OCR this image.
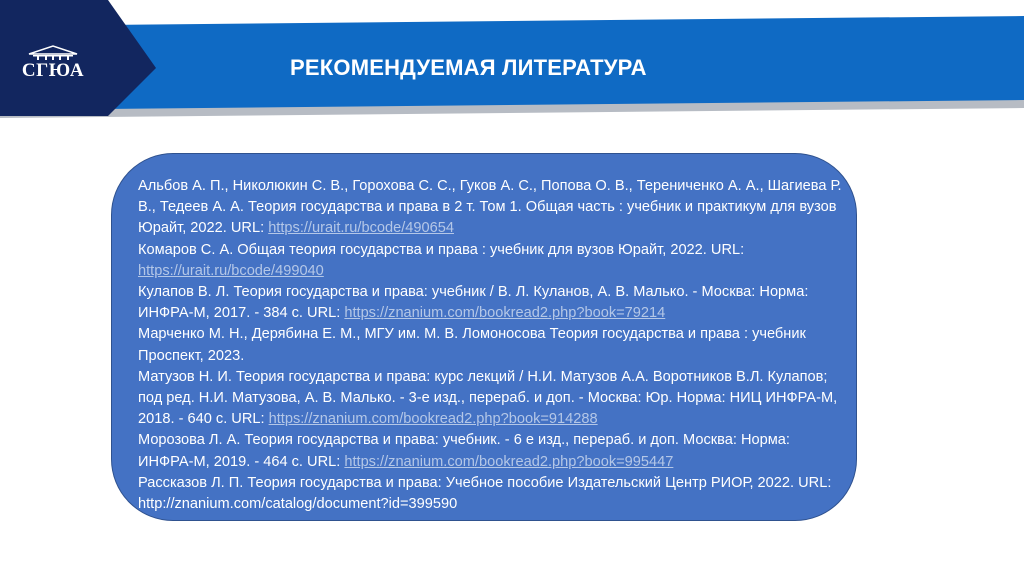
СГЮА	РЕКОМЕНДУЕМАЯ ЛИТЕРАТУРА
Альбов А. П., Николюкин С. В., Горохова С. С., Гуков А. С., Попова О. В., Терениченко А. А., Шагиева Р. В., Тедеев А. А. Теория государства и права в 2 т. Том 1. Общая часть : учебник и практикум для вузов Юрайт, 2022. URL: https://urait.ru/bcode/490654
Комаров С. А. Общая теория государства и права : учебник для вузов Юрайт, 2022. URL: https://urait.ru/bcode/499040
Кулапов В. Л. Теория государства и права: учебник / В. Л. Куланов, А. В. Малько. - Москва: Норма: ИНФРА-М, 2017. - 384 с. URL: https://znanium.com/bookread2.php?book=79214
Марченко М. Н., Дерябина Е. М., МГУ им. М. В. Ломоносова Теория государства и права : учебник Проспект, 2023.
Матузов Н. И. Теория государства и права: курс лекций / Н.И. Матузов А.А. Воротников В.Л. Кулапов; под ред. Н.И. Матузова, А. В. Малько. - 3-е изд., перераб. и доп. - Москва: Юр. Норма: НИЦ ИНФРА-М, 2018. - 640 с. URL: https://znanium.com/bookread2.php?book=914288
Морозова Л. А. Теория государства и права: учебник. - 6 е изд., перераб. и доп. Москва: Норма: ИНФРА-М, 2019. - 464 с. URL: https://znanium.com/bookread2.php?book=995447
Рассказов Л. П. Теория государства и права: Учебное пособие Издательский Центр РИОР, 2022. URL: http://znanium.com/catalog/document?id=399590
